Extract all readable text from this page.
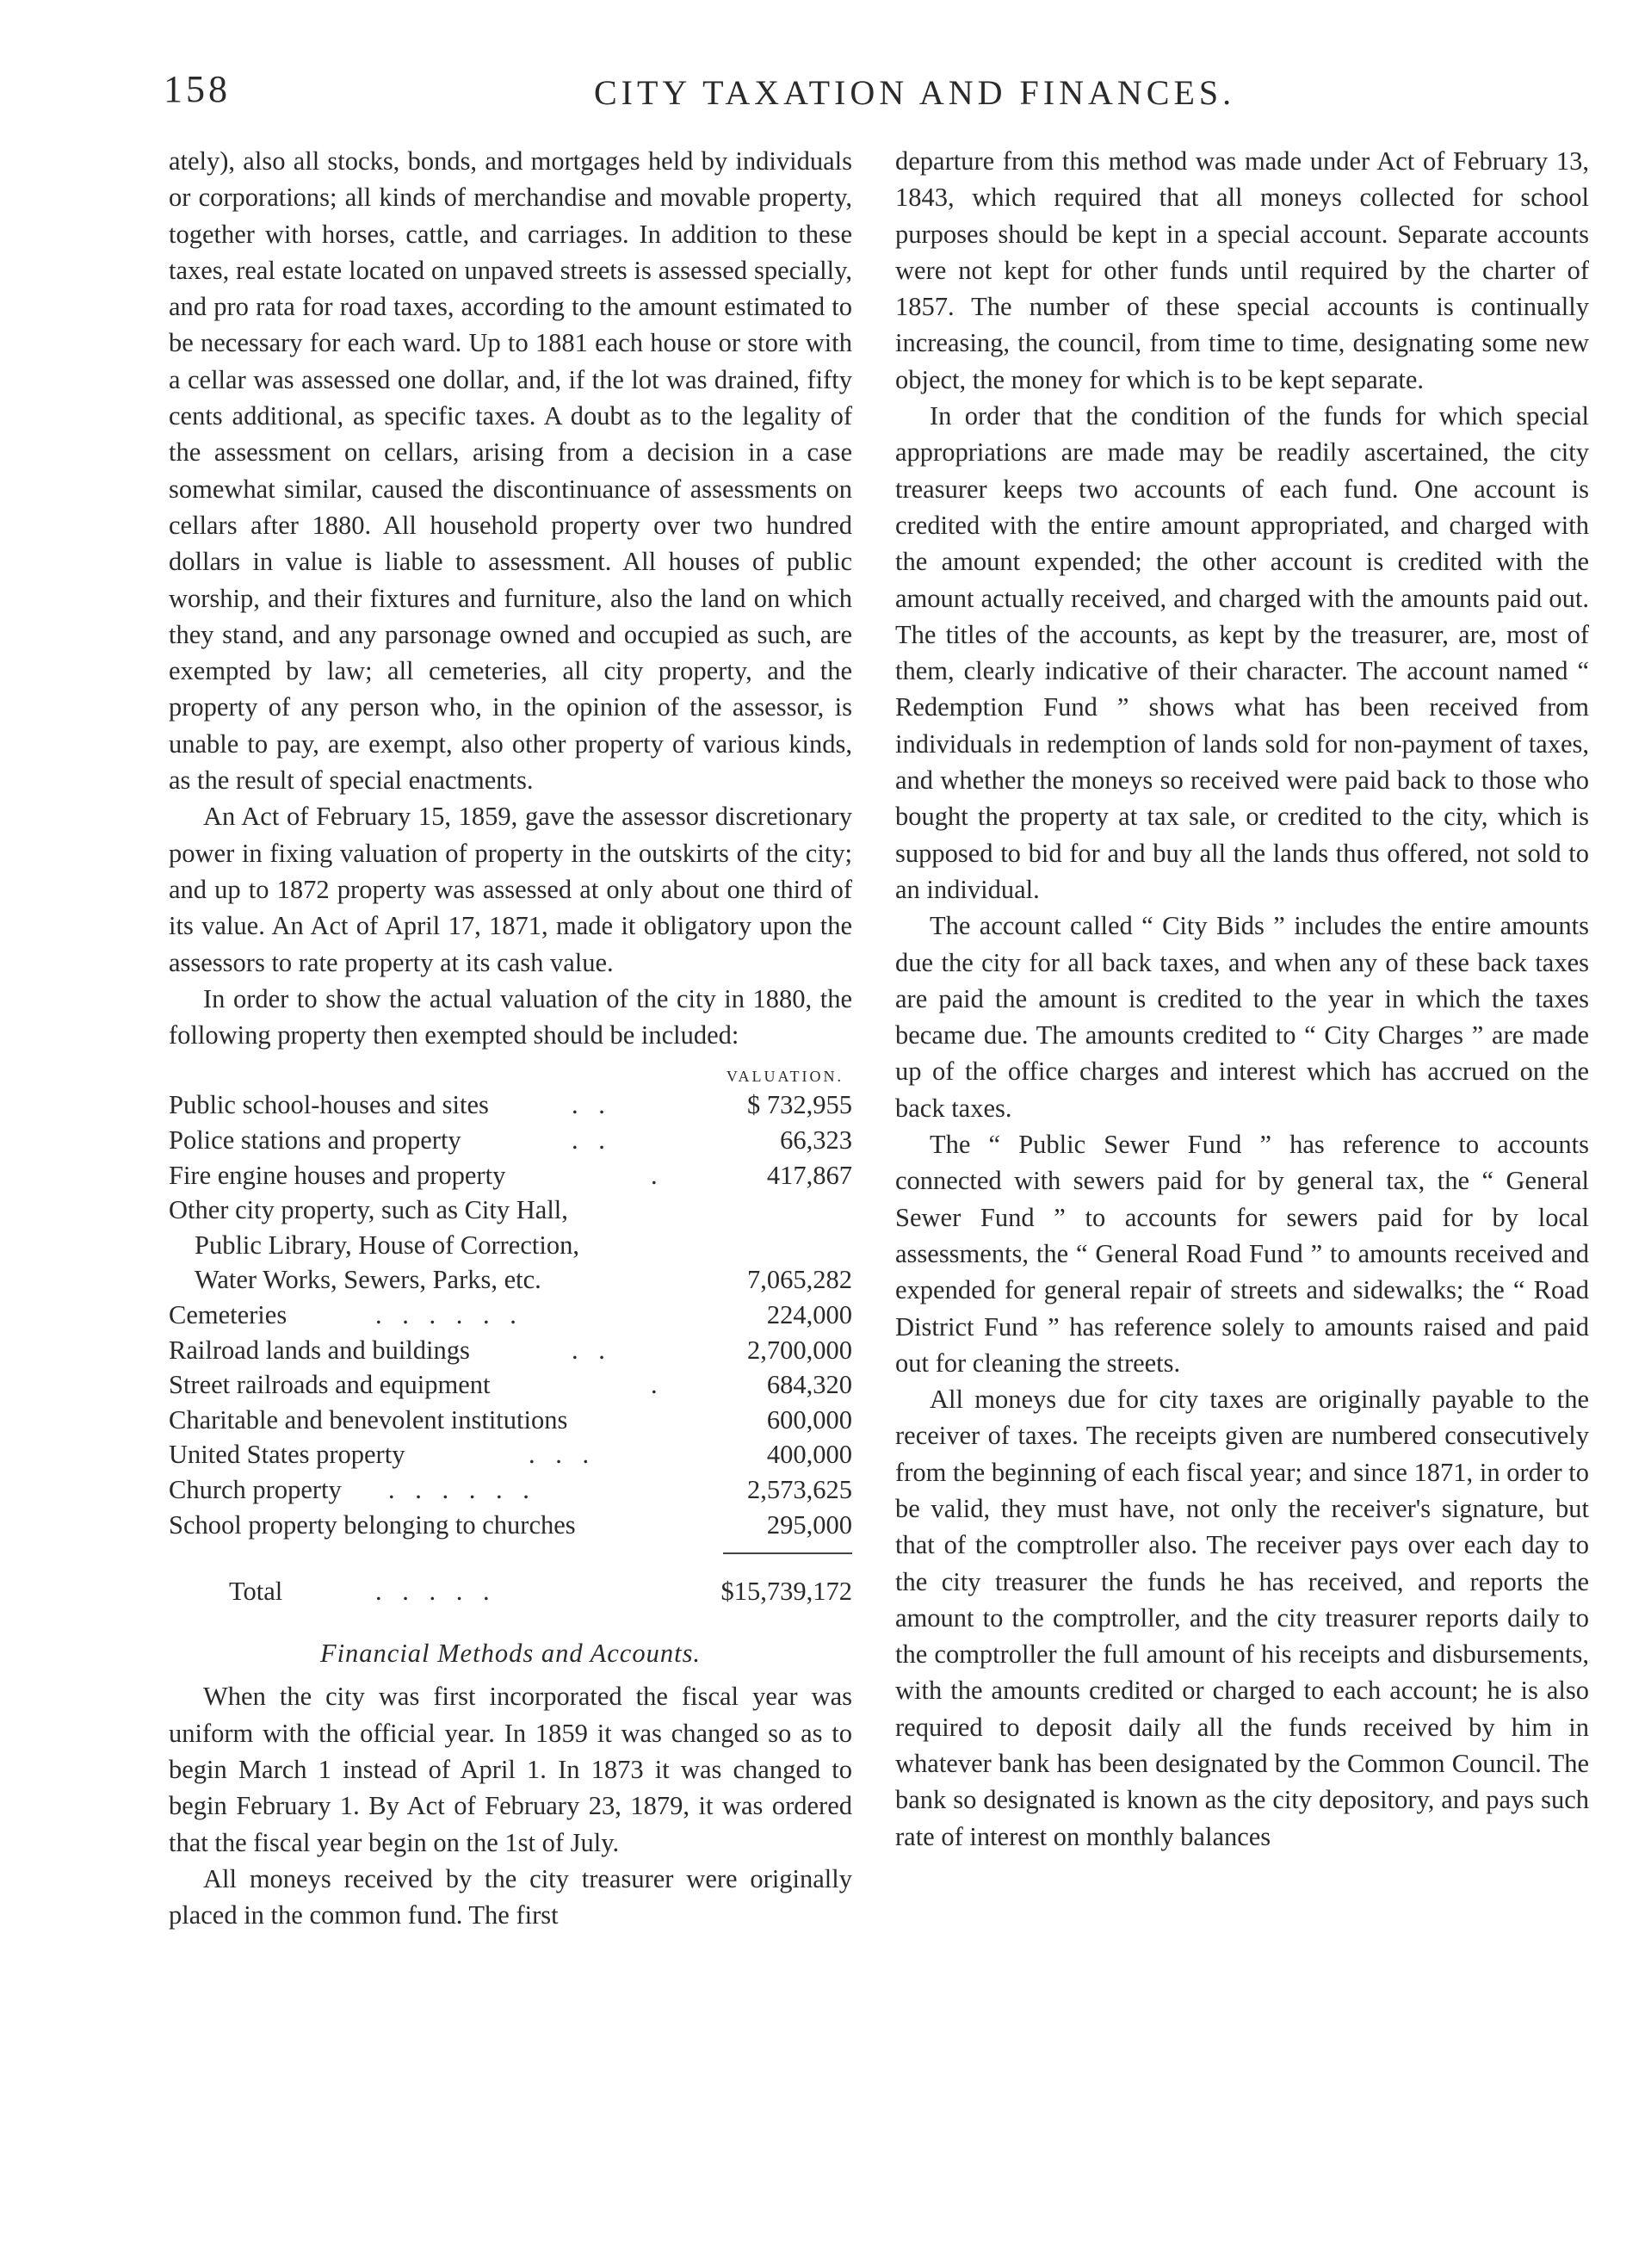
158	CITY TAXATION AND FINANCES.

ately), also all stocks, bonds, and mortgages held by individuals or corporations; all kinds of merchandise and movable property, together with horses, cattle, and carriages. In addition to these taxes, real estate located on unpaved streets is assessed specially, and pro rata for road taxes, according to the amount estimated to be necessary for each ward. Up to 1881 each house or store with a cellar was assessed one dollar, and, if the lot was drained, fifty cents additional, as specific taxes. A doubt as to the legality of the assessment on cellars, arising from a decision in a case somewhat similar, caused the discontinuance of assessments on cellars after 1880. All household property over two hundred dollars in value is liable to assessment. All houses of public worship, and their fixtures and furniture, also the land on which they stand, and any parsonage owned and occupied as such, are exempted by law; all cemeteries, all city property, and the property of any person who, in the opinion of the assessor, is unable to pay, are exempt, also other property of various kinds, as the result of special enactments.

An Act of February 15, 1859, gave the assessor discretionary power in fixing valuation of property in the outskirts of the city; and up to 1872 property was assessed at only about one third of its value. An Act of April 17, 1871, made it obligatory upon the assessors to rate property at its cash value.

In order to show the actual valuation of the city in 1880, the following property then exempted should be included:

VALUATION.
Public school-houses and sites	. .	$ 732,955
Police stations and property	. .	66,323
Fire engine houses and property	.	417,867
Other city property, such as City Hall,
Public Library, House of Correction,
Water Works, Sewers, Parks, etc.	7,065,282
Cemeteries	. . . . . .	224,000
Railroad lands and buildings	. .	2,700,000
Street railroads and equipment	.	684,320
Charitable and benevolent institutions	600,000
United States property	. . .	400,000
Church property . . . . . .	2,573,625
School property belonging to churches	295,000
Total	. . . . .	$15,739,172
Financial Methods and Accounts.

When the city was first incorporated the fiscal year was uniform with the official year. In 1859 it was changed so as to begin March 1 instead of April 1. In 1873 it was changed to begin February 1. By Act of February 23, 1879, it was ordered that the fiscal year begin on the 1st of July.

All moneys received by the city treasurer were originally placed in the common fund. The first

departure from this method was made under Act of February 13, 1843, which required that all moneys collected for school purposes should be kept in a special account. Separate accounts were not kept for other funds until required by the charter of 1857. The number of these special accounts is continually increasing, the council, from time to time, designating some new object, the money for which is to be kept separate.

In order that the condition of the funds for which special appropriations are made may be readily ascertained, the city treasurer keeps two accounts of each fund. One account is credited with the entire amount appropriated, and charged with the amount expended; the other account is credited with the amount actually received, and charged with the amounts paid out. The titles of the accounts, as kept by the treasurer, are, most of them, clearly indicative of their character. The account named “ Redemption Fund ” shows what has been received from individuals in redemption of lands sold for non-payment of taxes, and whether the moneys so received were paid back to those who bought the property at tax sale, or credited to the city, which is supposed to bid for and buy all the lands thus offered, not sold to an individual.

The account called “ City Bids ” includes the entire amounts due the city for all back taxes, and when any of these back taxes are paid the amount is credited to the year in which the taxes became due. The amounts credited to “ City Charges ” are made up of the office charges and interest which has accrued on the back taxes.

The “ Public Sewer Fund ” has reference to accounts connected with sewers paid for by general tax, the “ General Sewer Fund ” to accounts for sewers paid for by local assessments, the “ General Road Fund ” to amounts received and expended for general repair of streets and sidewalks; the “ Road District Fund ” has reference solely to amounts raised and paid out for cleaning the streets.

All moneys due for city taxes are originally payable to the receiver of taxes. The receipts given are numbered consecutively from the beginning of each fiscal year; and since 1871, in order to be valid, they must have, not only the receiver's signature, but that of the comptroller also. The receiver pays over each day to the city treasurer the funds he has received, and reports the amount to the comptroller, and the city treasurer reports daily to the comptroller the full amount of his receipts and disbursements, with the amounts credited or charged to each account; he is also required to deposit daily all the funds received by him in whatever bank has been designated by the Common Council. The bank so designated is known as the city depository, and pays such rate of interest on monthly balances
